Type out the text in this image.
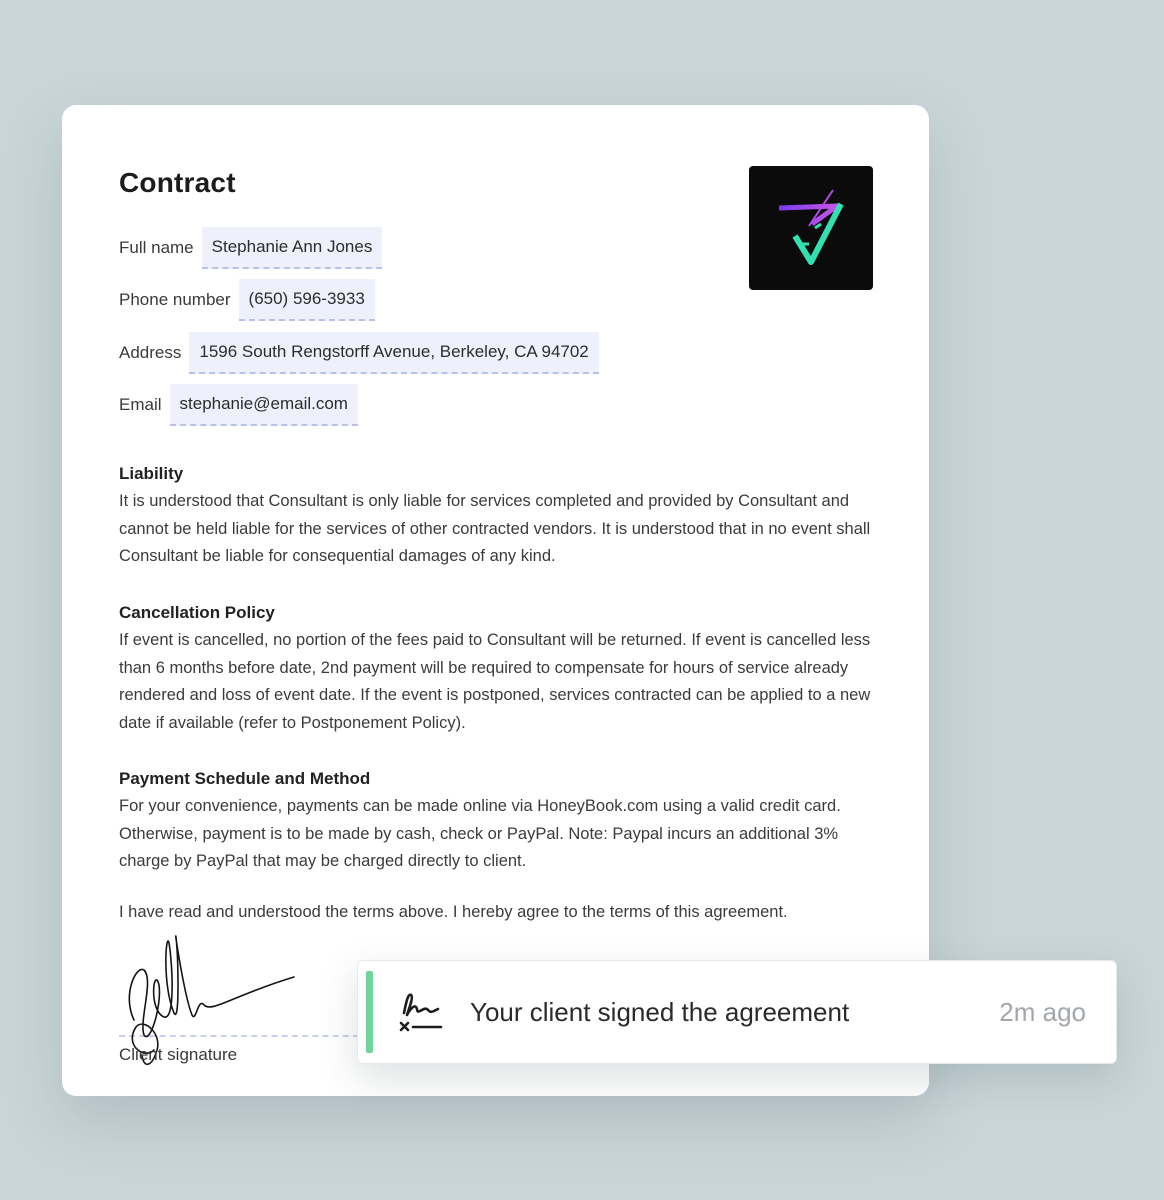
Contract
Full name	Stephanie Ann Jones
Phone number	(650) 596-3933
Address	1596 South Rengstorff Avenue, Berkeley, CA 94702
Email	stephanie@email.com
Liability
It is understood that Consultant is only liable for services completed and provided by Consultant and cannot be held liable for the services of other contracted vendors. It is understood that in no event shall Consultant be liable for consequential damages of any kind.
Cancellation Policy
If event is cancelled, no portion of the fees paid to Consultant will be returned. If event is cancelled less than 6 months before date, 2nd payment will be required to compensate for hours of service already rendered and loss of event date. If the event is postponed, services contracted can be applied to a new date if available (refer to Postponement Policy).
Payment Schedule and Method
For your convenience, payments can be made online via HoneyBook.com using a valid credit card. Otherwise, payment is to be made by cash, check or PayPal. Note: Paypal incurs an additional 3% charge by PayPal that may be charged directly to client.
I have read and understood the terms above. I hereby agree to the terms of this agreement.
Client signature
Your client signed the agreement	2m ago
